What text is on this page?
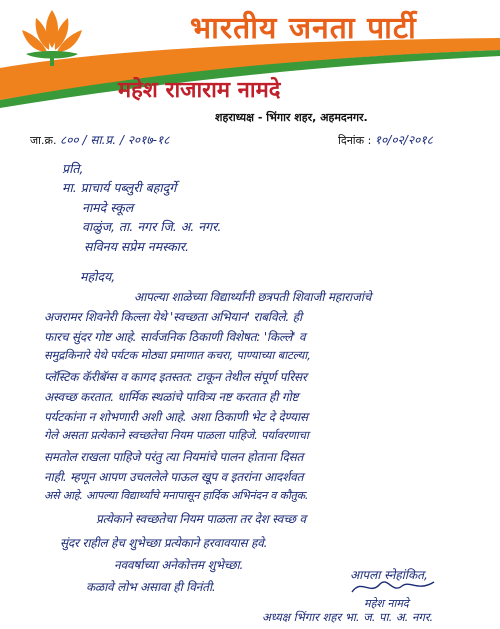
भारतीय जनता पार्टी
महेश राजाराम नामदे
शहराध्यक्ष - भिंगार शहर, अहमदनगर.
जा.क्र. ८०० / सा.प्र. / २०१७-१८	दिनांक : १०/०२/२०१८
प्रति,
मा. प्राचार्य पब्लुरी बहादुर्गे
नामदे स्कूल
वाळुंज, ता. नगर जि. अ. नगर.
सविनय सप्रेम नमस्कार.
महोदय,
आपल्या शाळेच्या विद्यार्थ्यांनी छत्रपती शिवाजी महाराजांचे
अजरामर शिवनेरी किल्ला येथे 'स्वच्छता अभियान' राबविले. ही
फारच सुंदर गोष्ट आहे. सार्वजनिक ठिकाणी विशेषत: 'किल्ले' व
समुद्रकिनारे येथे पर्यटक मोठ्या प्रमाणात कचरा, पाण्याच्या बाटल्या,
प्लॅस्टिक कॅरीबॅग्स व कागद इतस्तत: टाकून तेथील संपूर्ण परिसर
अस्वच्छ करतात. धार्मिक स्थळांचे पावित्र्य नष्ट करतात ही गोष्ट
पर्यटकांना न शोभणारी अशी आहे. अशा ठिकाणी भेट दे देण्यास
गेले असता प्रत्येकाने स्वच्छतेचा नियम पाळला पाहिजे. पर्यावरणाचा
समतोल राखला पाहिजे परंतु त्या नियमांचे पालन होताना दिसत
नाही. म्हणून आपण उचललेले पाऊल खूप व इतरांना आदर्शवत
असे आहे. आपल्या विद्यार्थ्यांचे मनापासून हार्दिक अभिनंदन व कौतुक.
प्रत्येकाने स्वच्छतेचा नियम पाळला तर देश स्वच्छ व
सुंदर राहील हेच शुभेच्छा प्रत्येकाने हरवावयास हवे.
नववर्षाच्या अनेकोत्तम शुभेच्छा.
कळावे लोभ असावा ही विनंती.
आपला स्नेहांकित,
महेश नामदे
अध्यक्ष भिंगार शहर भा. ज. पा. अ. नगर.
